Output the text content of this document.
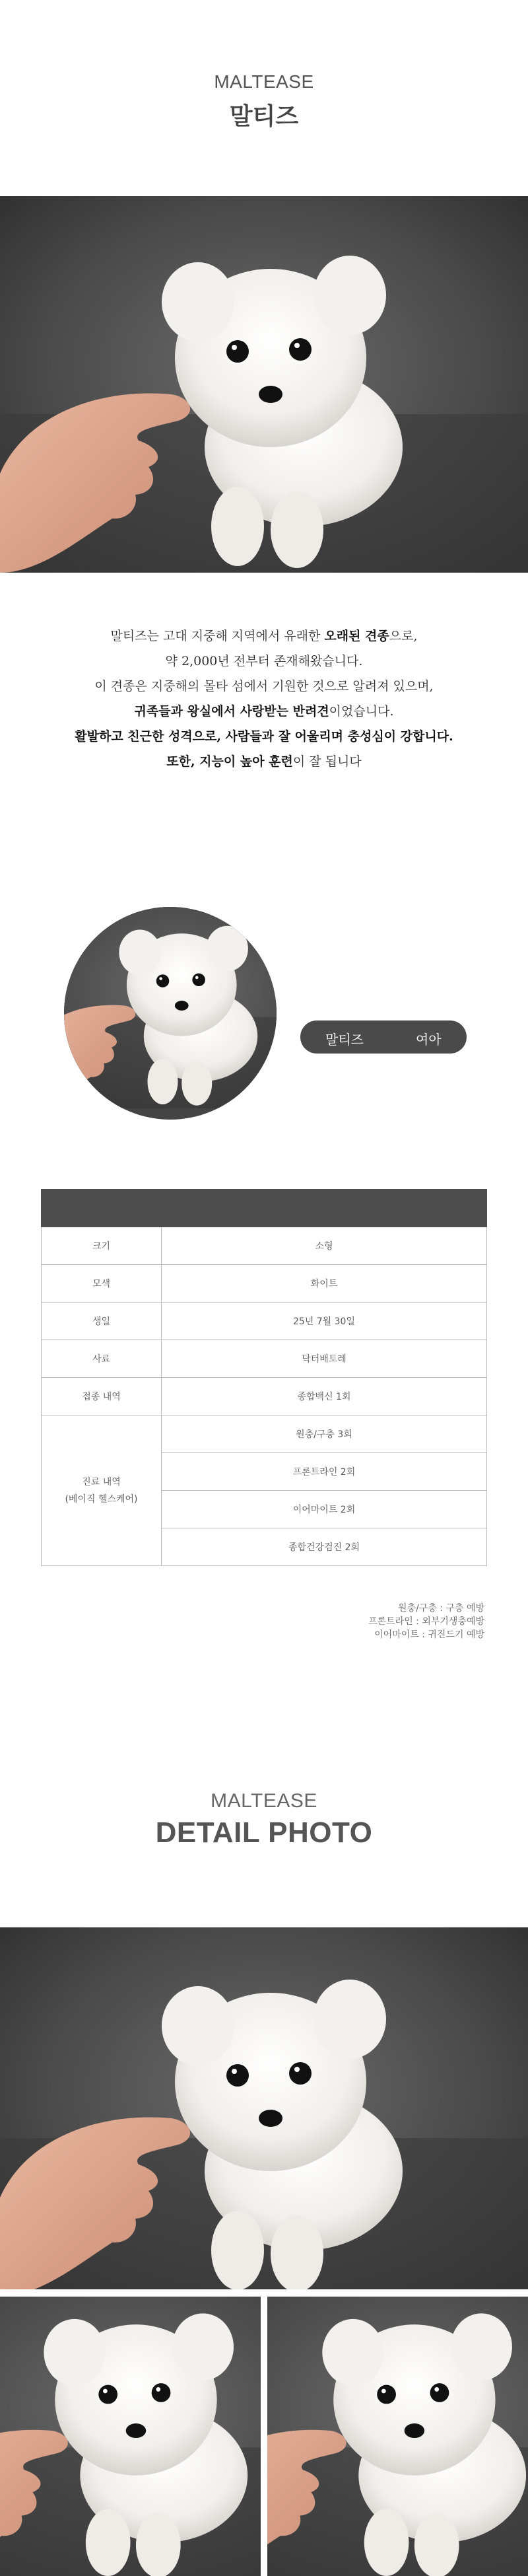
MALTEASE
말티즈
말티즈는 고대 지중해 지역에서 유래한 오래된 견종으로,
약 2,000년 전부터 존재해왔습니다.
이 견종은 지중해의 몰타 섬에서 기원한 것으로 알려져 있으며,
귀족들과 왕실에서 사랑받는 반려견이었습니다.
활발하고 친근한 성격으로, 사람들과 잘 어울리며 충성심이 강합니다.
또한, 지능이 높아 훈련이 잘 됩니다
말티즈	여아

크기	소형
모색	화이트
생일	25년 7월 30일
사료	닥터배토레
접종 내역	종합백신 1회

진료 내역
(베이직 헬스케어)	원충/구충 3회
	프론트라인 2회
	이어마이트 2회
	종합건강검진 2회
원충/구충 : 구충 예방
프론트라인 : 외부기생충예방
이어마이트 : 귀진드기 예방
MALTEASE
DETAIL PHOTO
